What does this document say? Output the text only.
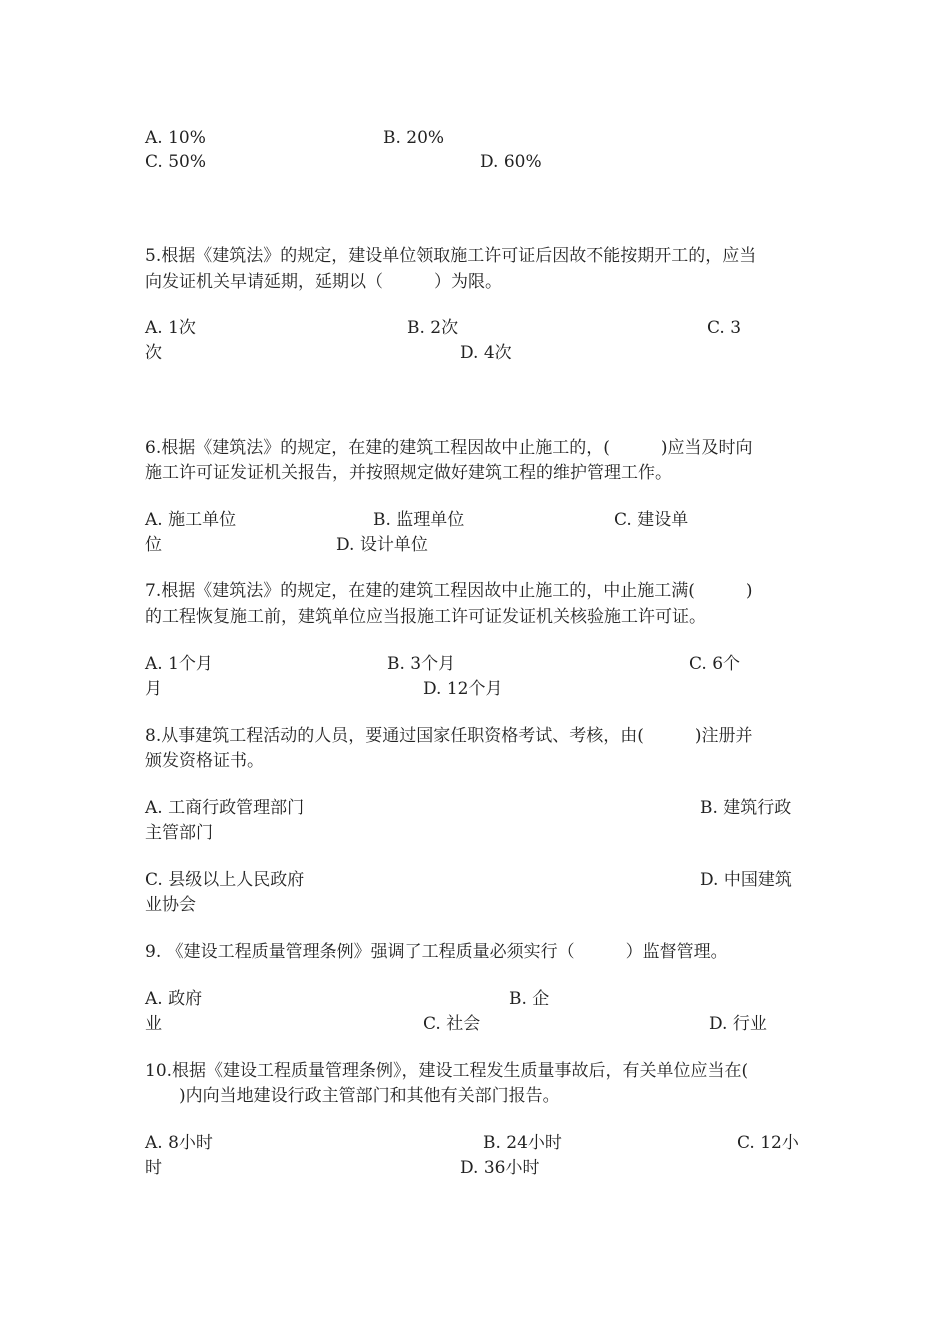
A. 10%	B. 20%
C. 50%	D. 60%
5.根据《建筑法》的规定，建设单位领取施工许可证后因故不能按期开工的，应当
向发证机关早请延期，延期以（　　　）为限。
A. 1次	B. 2次	C. 3
次	D. 4次
6.根据《建筑法》的规定，在建的建筑工程因故中止施工的，(　　　)应当及时向
施工许可证发证机关报告，并按照规定做好建筑工程的维护管理工作。
A. 施工单位	B. 监理单位	C. 建设单
位	D. 设计单位
7.根据《建筑法》的规定，在建的建筑工程因故中止施工的，中止施工满(　　　)
的工程恢复施工前，建筑单位应当报施工许可证发证机关核验施工许可证。
A. 1个月	B. 3个月	C. 6个
月	D. 12个月
8.从事建筑工程活动的人员，要通过国家任职资格考试、考核，由(　　　)注册并
颁发资格证书。
A. 工商行政管理部门	B. 建筑行政
主管部门
C. 县级以上人民政府	D. 中国建筑
业协会
9. 《建设工程质量管理条例》强调了工程质量必须实行（　　　）监督管理。
A. 政府	B. 企
业	C. 社会	D. 行业
10.根据《建设工程质量管理条例》，建设工程发生质量事故后，有关单位应当在(
　　)内向当地建设行政主管部门和其他有关部门报告。
A. 8小时	B. 24小时	C. 12小
时	D. 36小时
